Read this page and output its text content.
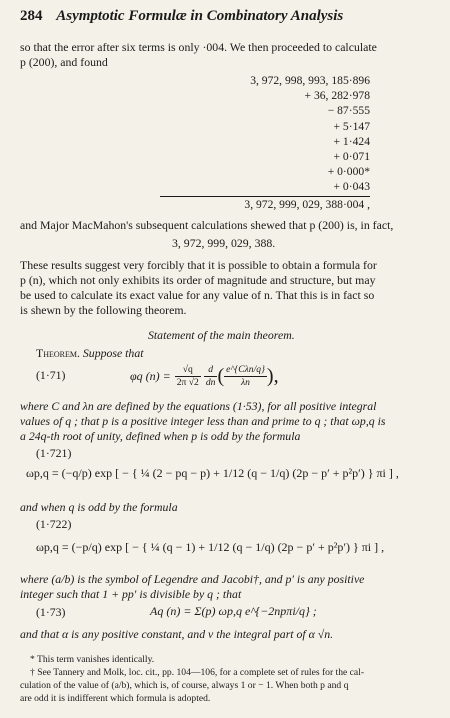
284 Asymptotic Formulæ in Combinatory Analysis
so that the error after six terms is only ·004. We then proceeded to calculate
p (200), and found
3, 972, 998, 993, 185·896
+ 36, 282·978
− 87·555
+ 5·147
+ 1·424
+ 0·071
+ 0·000*
+ 0·043
3, 972, 999, 029, 388·004 ,
and Major MacMahon's subsequent calculations shewed that p (200) is, in fact,
3, 972, 999, 029, 388.
These results suggest very forcibly that it is possible to obtain a formula for
p (n), which not only exhibits its order of magnitude and structure, but may
be used to calculate its exact value for any value of n. That this is in fact so
is shewn by the following theorem.
Statement of the main theorem.
Theorem. Suppose that
(1·71)	φq $(n) = \frac{√q}{2\pi √2} \frac{d}{dn}$ ( $\frac{\text{e\textasciicircum{}\{Cλn/q\}}}{\lambda n}$ ),
where C and λn are defined by the equations (1·53), for all positive integral
values of q ; that p is a positive integer less than and prime to q ; that ωp,q is
a 24q-th root of unity, defined when p is odd by the formula
(1·721)
ωp,q = (−q/p) exp [ − { ¼ (2 − pq − p) + 1/12 (q − 1/q) (2p − p′ + p²p′) } πi ] ,
and when q is odd by the formula
(1·722)
ωp,q = (−p/q) exp [ − { ¼ (q − 1) + 1/12 (q − 1/q) (2p − p′ + p²p′) } πi ] ,
where (a/b) is the symbol of Legendre and Jacobi†, and p′ is any positive
integer such that 1 + pp′ is divisible by q ; that
(1·73)	Aq (n) = Σ(p) ωp,q e^{−2npπi/q} ;
and that α is any positive constant, and ν the integral part of α √n.
* This term vanishes identically.
† See Tannery and Molk, loc. cit., pp. 104—106, for a complete set of rules for the cal-
culation of the value of (a/b), which is, of course, always 1 or − 1. When both p and q
are odd it is indifferent which formula is adopted.
